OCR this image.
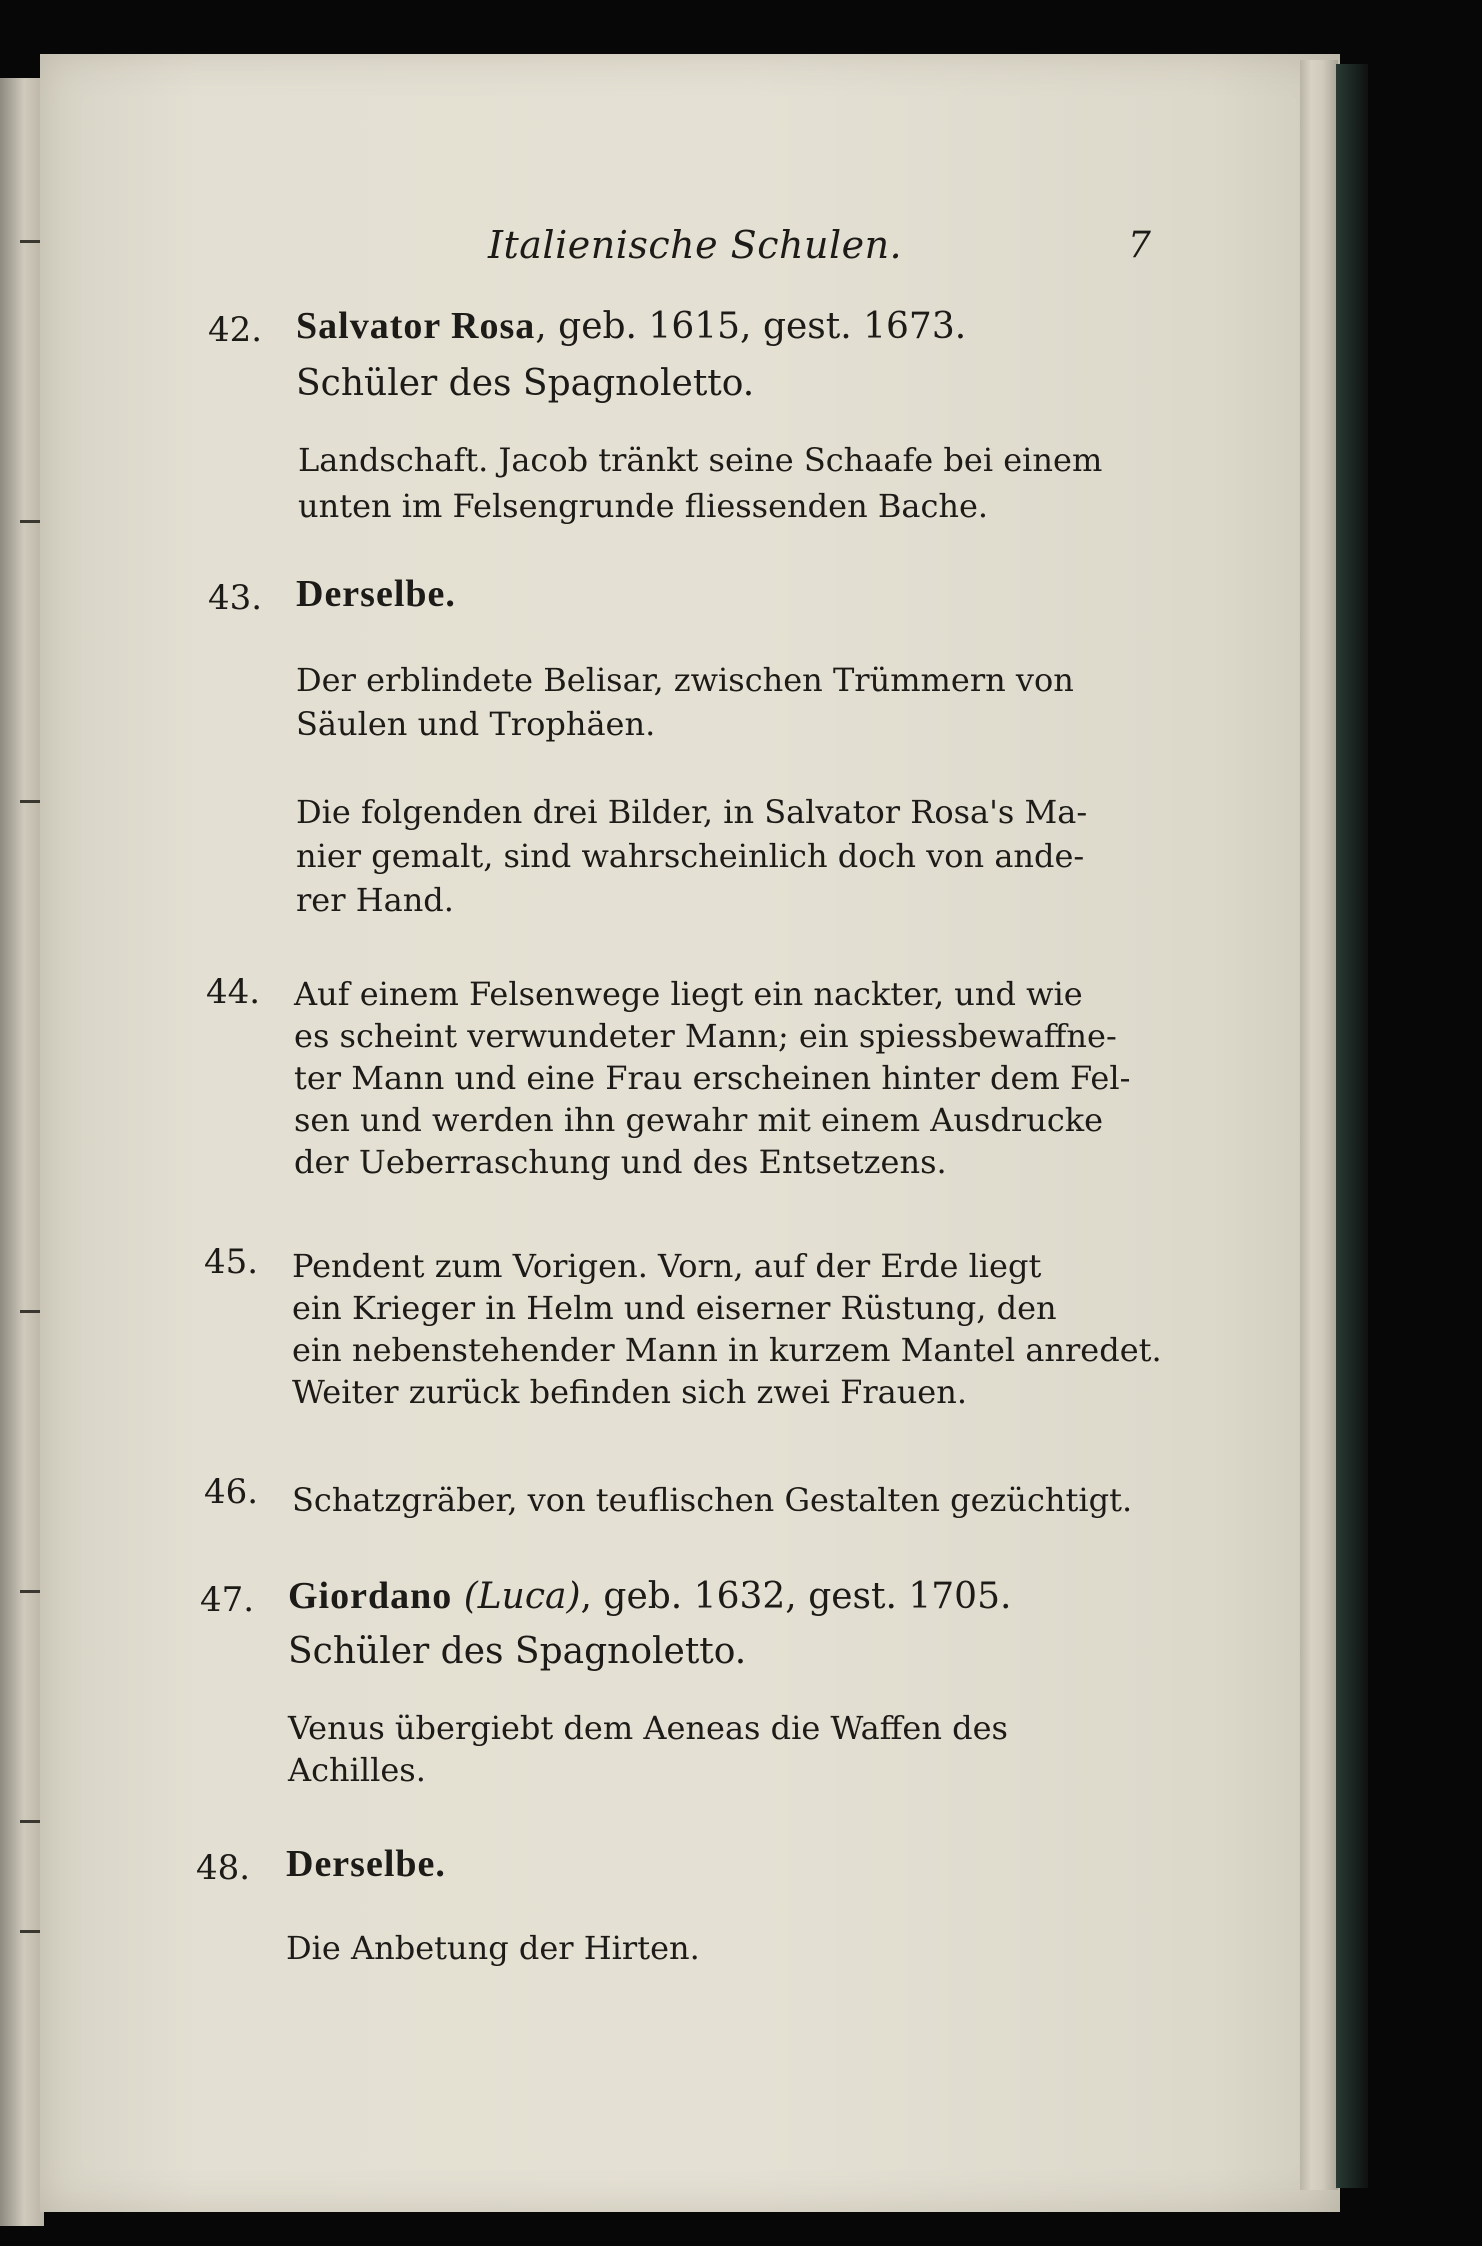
Italienische Schulen.	7
42. Salvator Rosa, geb. 1615, gest. 1673.
Schüler des Spagnoletto.
Landschaft. Jacob tränkt seine Schaafe bei einem
unten im Felsengrunde fliessenden Bache.
43. Derselbe.
Der erblindete Belisar, zwischen Trümmern von
Säulen und Trophäen.
Die folgenden drei Bilder, in Salvator Rosa's Ma-
nier gemalt, sind wahrscheinlich doch von ande-
rer Hand.
44. Auf einem Felsenwege liegt ein nackter, und wie
es scheint verwundeter Mann; ein spiessbewaffne-
ter Mann und eine Frau erscheinen hinter dem Fel-
sen und werden ihn gewahr mit einem Ausdrucke
der Ueberraschung und des Entsetzens.
45. Pendent zum Vorigen. Vorn, auf der Erde liegt
ein Krieger in Helm und eiserner Rüstung, den
ein nebenstehender Mann in kurzem Mantel anredet.
Weiter zurück befinden sich zwei Frauen.
46. Schatzgräber, von teuflischen Gestalten gezüchtigt.
47. Giordano (Luca), geb. 1632, gest. 1705.
Schüler des Spagnoletto.
Venus übergiebt dem Aeneas die Waffen des
Achilles.
48. Derselbe.
Die Anbetung der Hirten.
